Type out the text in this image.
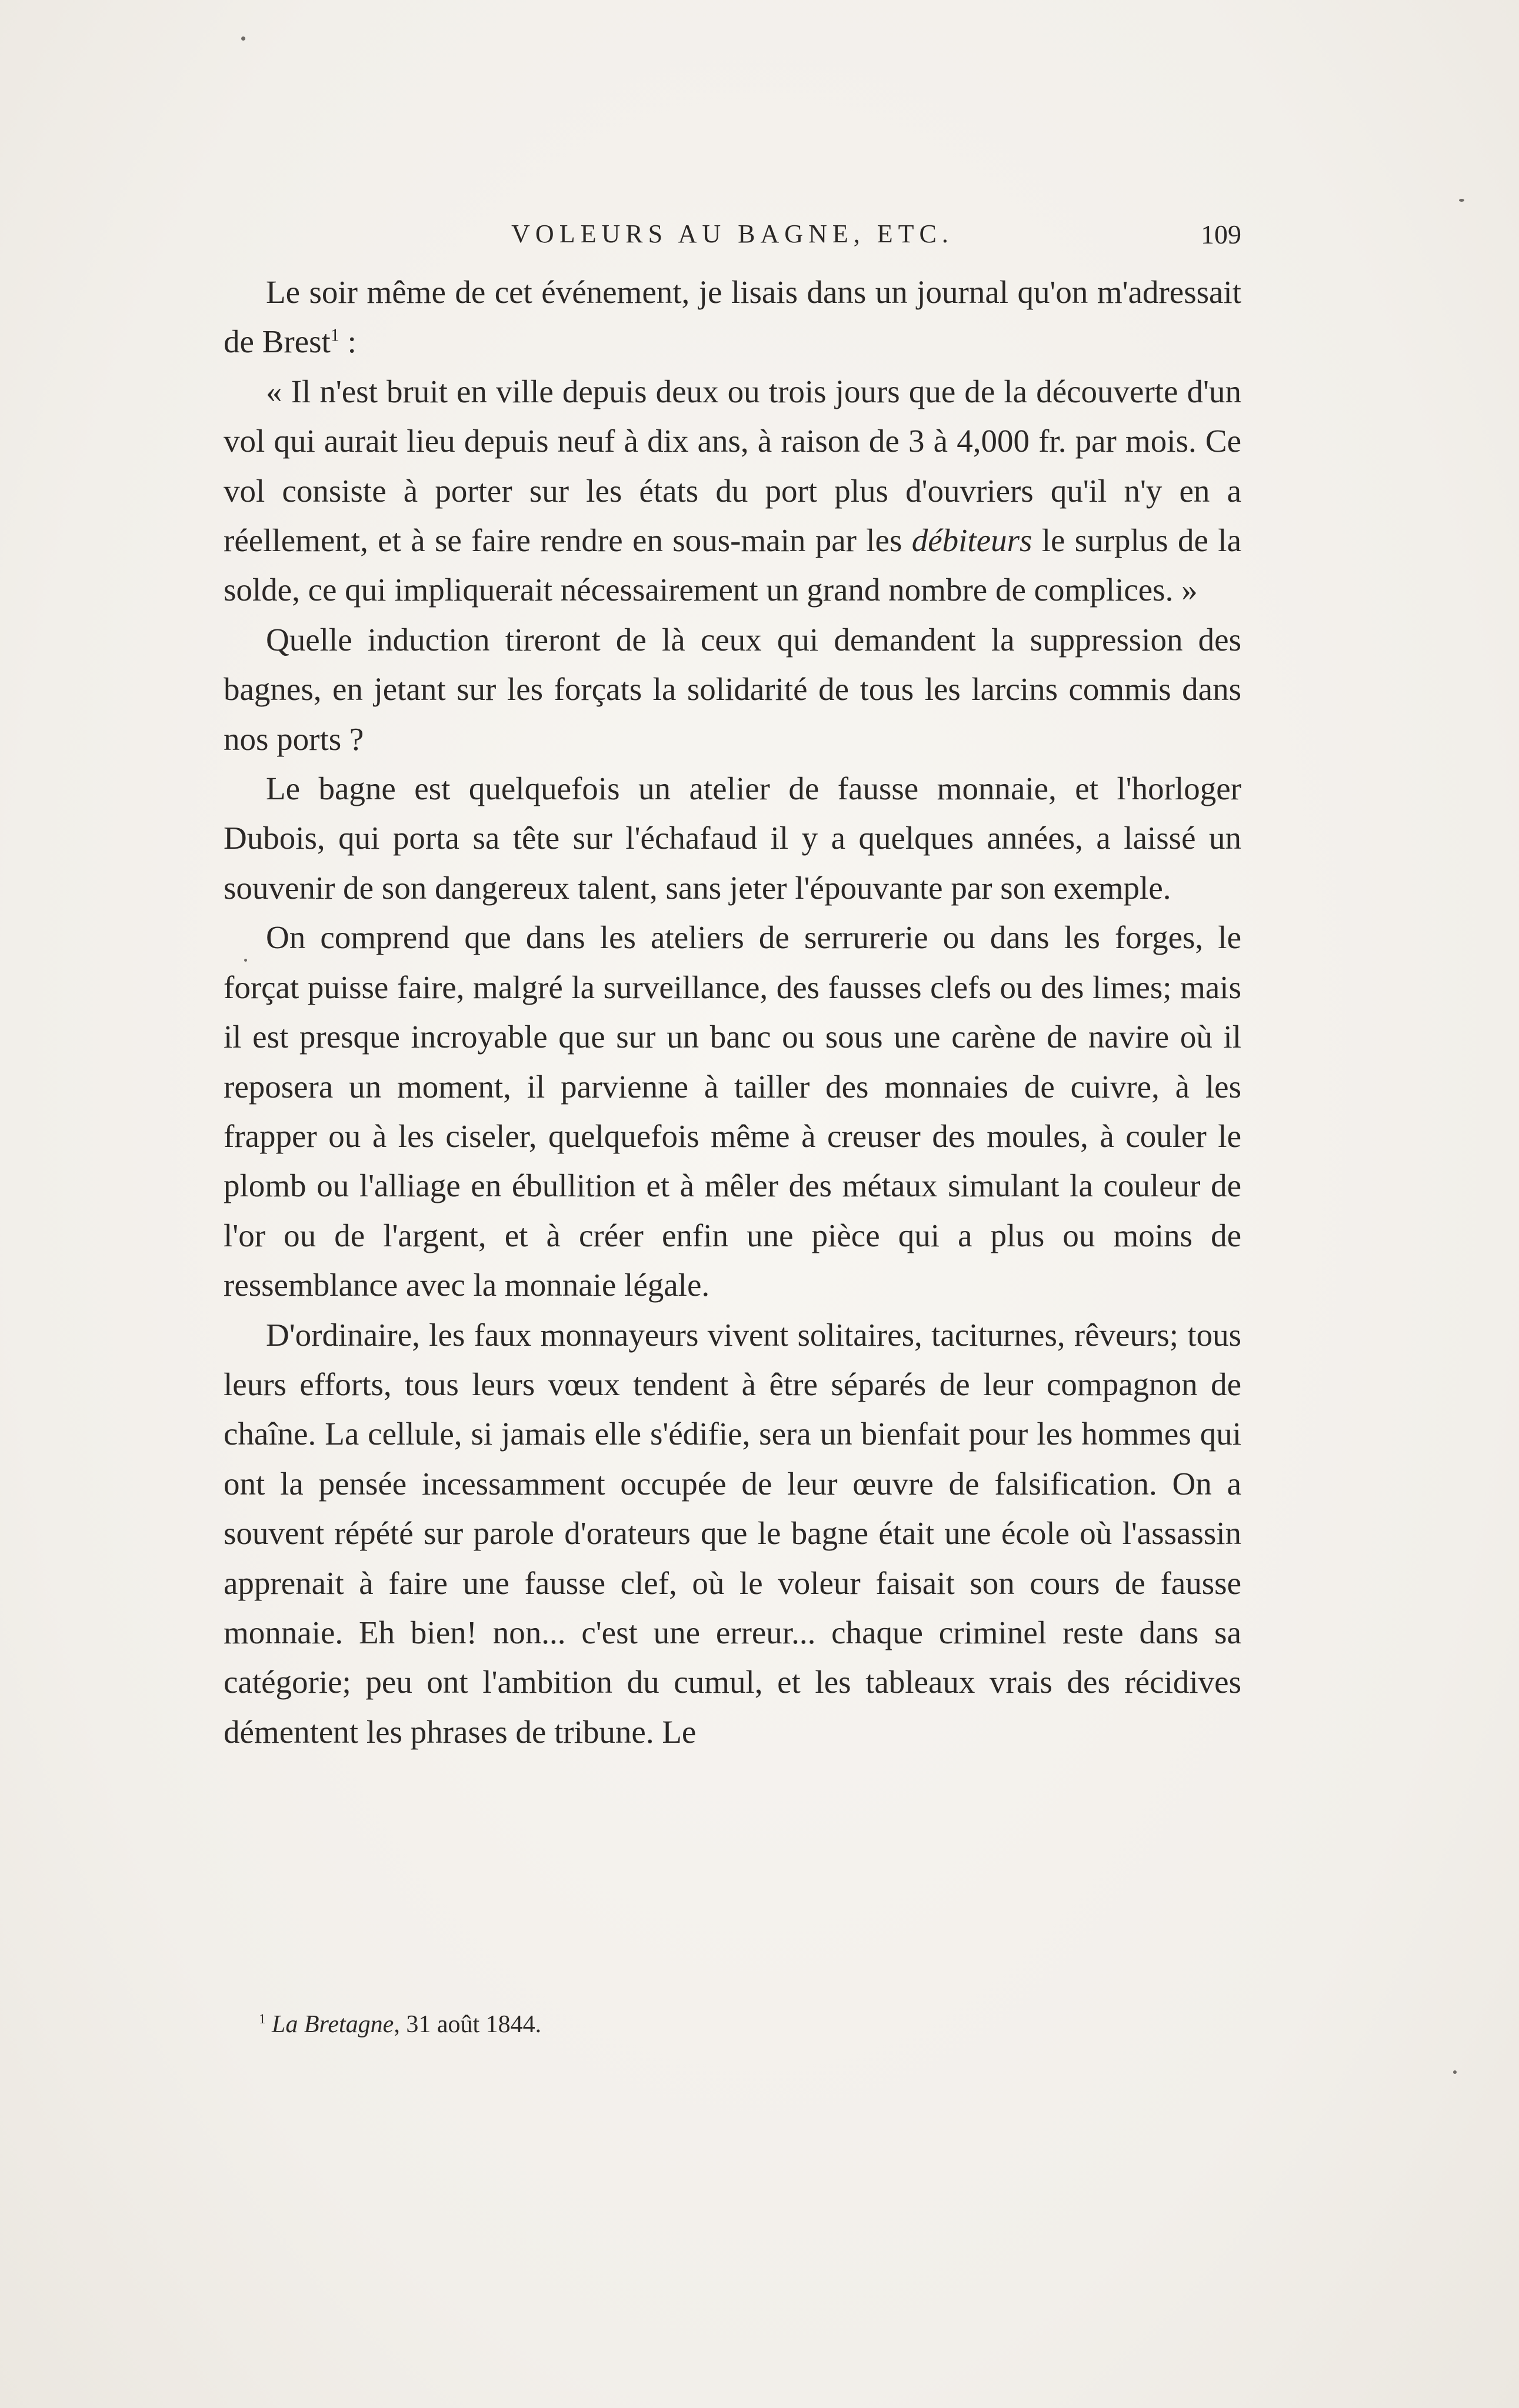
VOLEURS AU BAGNE, ETC.	109

Le soir même de cet événement, je lisais dans un journal qu'on m'adressait de Brest$^1$ :

« Il n'est bruit en ville depuis deux ou trois jours que de la découverte d'un vol qui aurait lieu depuis neuf à dix ans, à raison de 3 à 4,000 fr. par mois. Ce vol consiste à porter sur les états du port plus d'ouvriers qu'il n'y en a réellement, et à se faire rendre en sous-main par les débiteurs le surplus de la solde, ce qui impliquerait nécessairement un grand nombre de complices. »

Quelle induction tireront de là ceux qui demandent la suppression des bagnes, en jetant sur les forçats la solidarité de tous les larcins commis dans nos ports ?

Le bagne est quelquefois un atelier de fausse monnaie, et l'horloger Dubois, qui porta sa tête sur l'échafaud il y a quelques années, a laissé un souvenir de son dangereux talent, sans jeter l'épouvante par son exemple.

On comprend que dans les ateliers de serrurerie ou dans les forges, le forçat puisse faire, malgré la surveillance, des fausses clefs ou des limes; mais il est presque incroyable que sur un banc ou sous une carène de navire où il reposera un moment, il parvienne à tailler des monnaies de cuivre, à les frapper ou à les ciseler, quelquefois même à creuser des moules, à couler le plomb ou l'alliage en ébullition et à mêler des métaux simulant la couleur de l'or ou de l'argent, et à créer enfin une pièce qui a plus ou moins de ressemblance avec la monnaie légale.

D'ordinaire, les faux monnayeurs vivent solitaires, taciturnes, rêveurs; tous leurs efforts, tous leurs vœux tendent à être séparés de leur compagnon de chaîne. La cellule, si jamais elle s'édifie, sera un bienfait pour les hommes qui ont la pensée incessamment occupée de leur œuvre de falsification. On a souvent répété sur parole d'orateurs que le bagne était une école où l'assassin apprenait à faire une fausse clef, où le voleur faisait son cours de fausse monnaie. Eh bien! non... c'est une erreur... chaque criminel reste dans sa catégorie; peu ont l'ambition du cumul, et les tableaux vrais des récidives démentent les phrases de tribune. Le

$^1$ La Bretagne, 31 août 1844.
